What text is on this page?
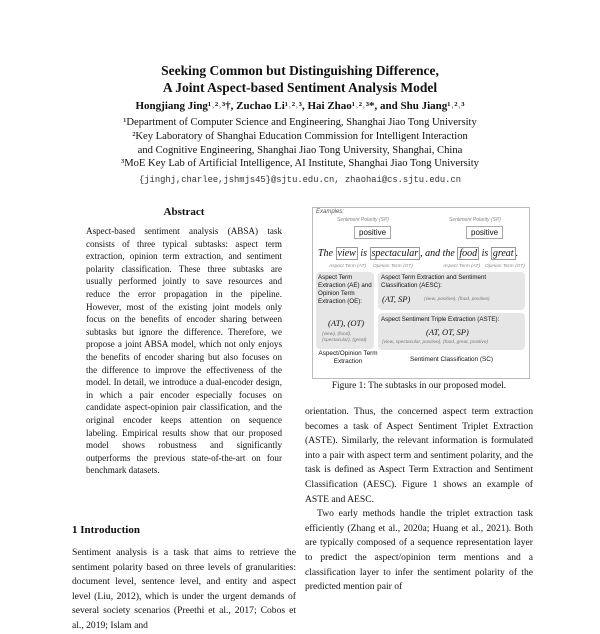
Seeking Common but Distinguishing Difference,
A Joint Aspect-based Sentiment Analysis Model
Hongjiang Jing¹˒²˒³†, Zuchao Li¹˒²˒³, Hai Zhao¹˒²˒³*, and Shu Jiang¹˒²˒³
¹Department of Computer Science and Engineering, Shanghai Jiao Tong University
²Key Laboratory of Shanghai Education Commission for Intelligent Interaction
and Cognitive Engineering, Shanghai Jiao Tong University, Shanghai, China
³MoE Key Lab of Artificial Intelligence, AI Institute, Shanghai Jiao Tong University
{jinghj,charlee,jshmjs45}@sjtu.edu.cn, zhaohai@cs.sjtu.edu.cn
Abstract
Aspect-based sentiment analysis (ABSA) task consists of three typical subtasks: aspect term extraction, opinion term extraction, and sentiment polarity classification. These three subtasks are usually performed jointly to save resources and reduce the error propagation in the pipeline. However, most of the existing joint models only focus on the benefits of encoder sharing between subtasks but ignore the difference. Therefore, we propose a joint ABSA model, which not only enjoys the benefits of encoder sharing but also focuses on the difference to improve the effectiveness of the model. In detail, we introduce a dual-encoder design, in which a pair encoder especially focuses on candidate aspect-opinion pair classification, and the original encoder keeps attention on sequence labeling. Empirical results show that our proposed model shows robustness and significantly outperforms the previous state-of-the-art on four benchmark datasets.
1 Introduction
Sentiment analysis is a task that aims to retrieve the sentiment polarity based on three levels of granularities: document level, sentence level, and entity and aspect level (Liu, 2012), which is under the urgent demands of several society scenarios (Preethi et al., 2017; Cobos et al., 2019; Islam and
Examples:
Sentiment Polarity (SP)	Sentiment Polarity (SP)
positive	positive
The view is spectacular , and the food is great .
Aspect Term (AT) Opinion Term (OT)	Aspect Term (AT) Opinion Term (OT)
Aspect Term Extraction (AE) and Opinion Term Extraction (OE):
(AT), (OT)
(view), (food), (spectacular), (great)
Aspect/Opinion Term Extraction
Aspect Term Extraction and Sentiment Classification (AESC):
(AT, SP)	(view, positive), (food, positive)
Aspect Sentiment Triple Extraction (ASTE):
(AT, OT, SP)
(view, spectacular, positive), (food, great, positive)
Sentiment Classification (SC)
Figure 1: The subtasks in our proposed model.

orientation. Thus, the concerned aspect term extraction becomes a task of Aspect Sentiment Triplet Extraction (ASTE). Similarly, the relevant information is formulated into a pair with aspect term and sentiment polarity, and the task is defined as Aspect Term Extraction and Sentiment Classification (AESC). Figure 1 shows an example of ASTE and AESC.

Two early methods handle the triplet extraction task efficiently (Zhang et al., 2020a; Huang et al., 2021). Both are typically composed of a sequence representation layer to predict the aspect/opinion term mentions and a classification layer to infer the sentiment polarity of the predicted mention pair of
